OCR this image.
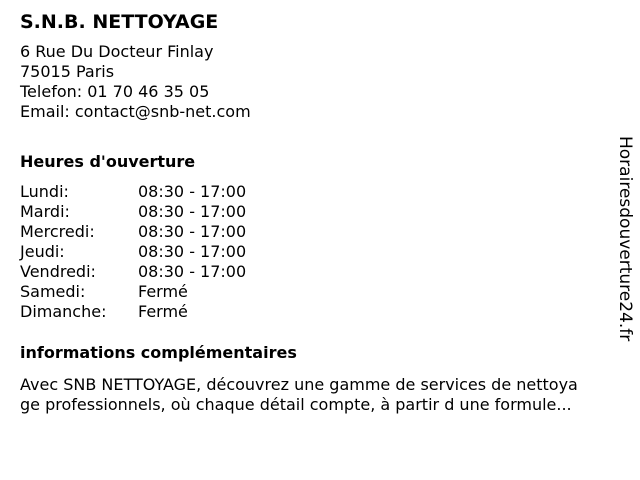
S.N.B. NETTOYAGE
6 Rue Du Docteur Finlay
75015 Paris
Telefon: 01 70 46 35 05
Email: contact@snb-net.com
Heures d'ouverture
Lundi:	08:30 - 17:00
Mardi:	08:30 - 17:00
Mercredi:	08:30 - 17:00
Jeudi:	08:30 - 17:00
Vendredi:	08:30 - 17:00
Samedi:	Fermé
Dimanche:	Fermé
informations complémentaires
Avec SNB NETTOYAGE, découvrez une gamme de services de nettoya
ge professionnels, où chaque détail compte, à partir d une formule...
Horairesdouverture24.fr
